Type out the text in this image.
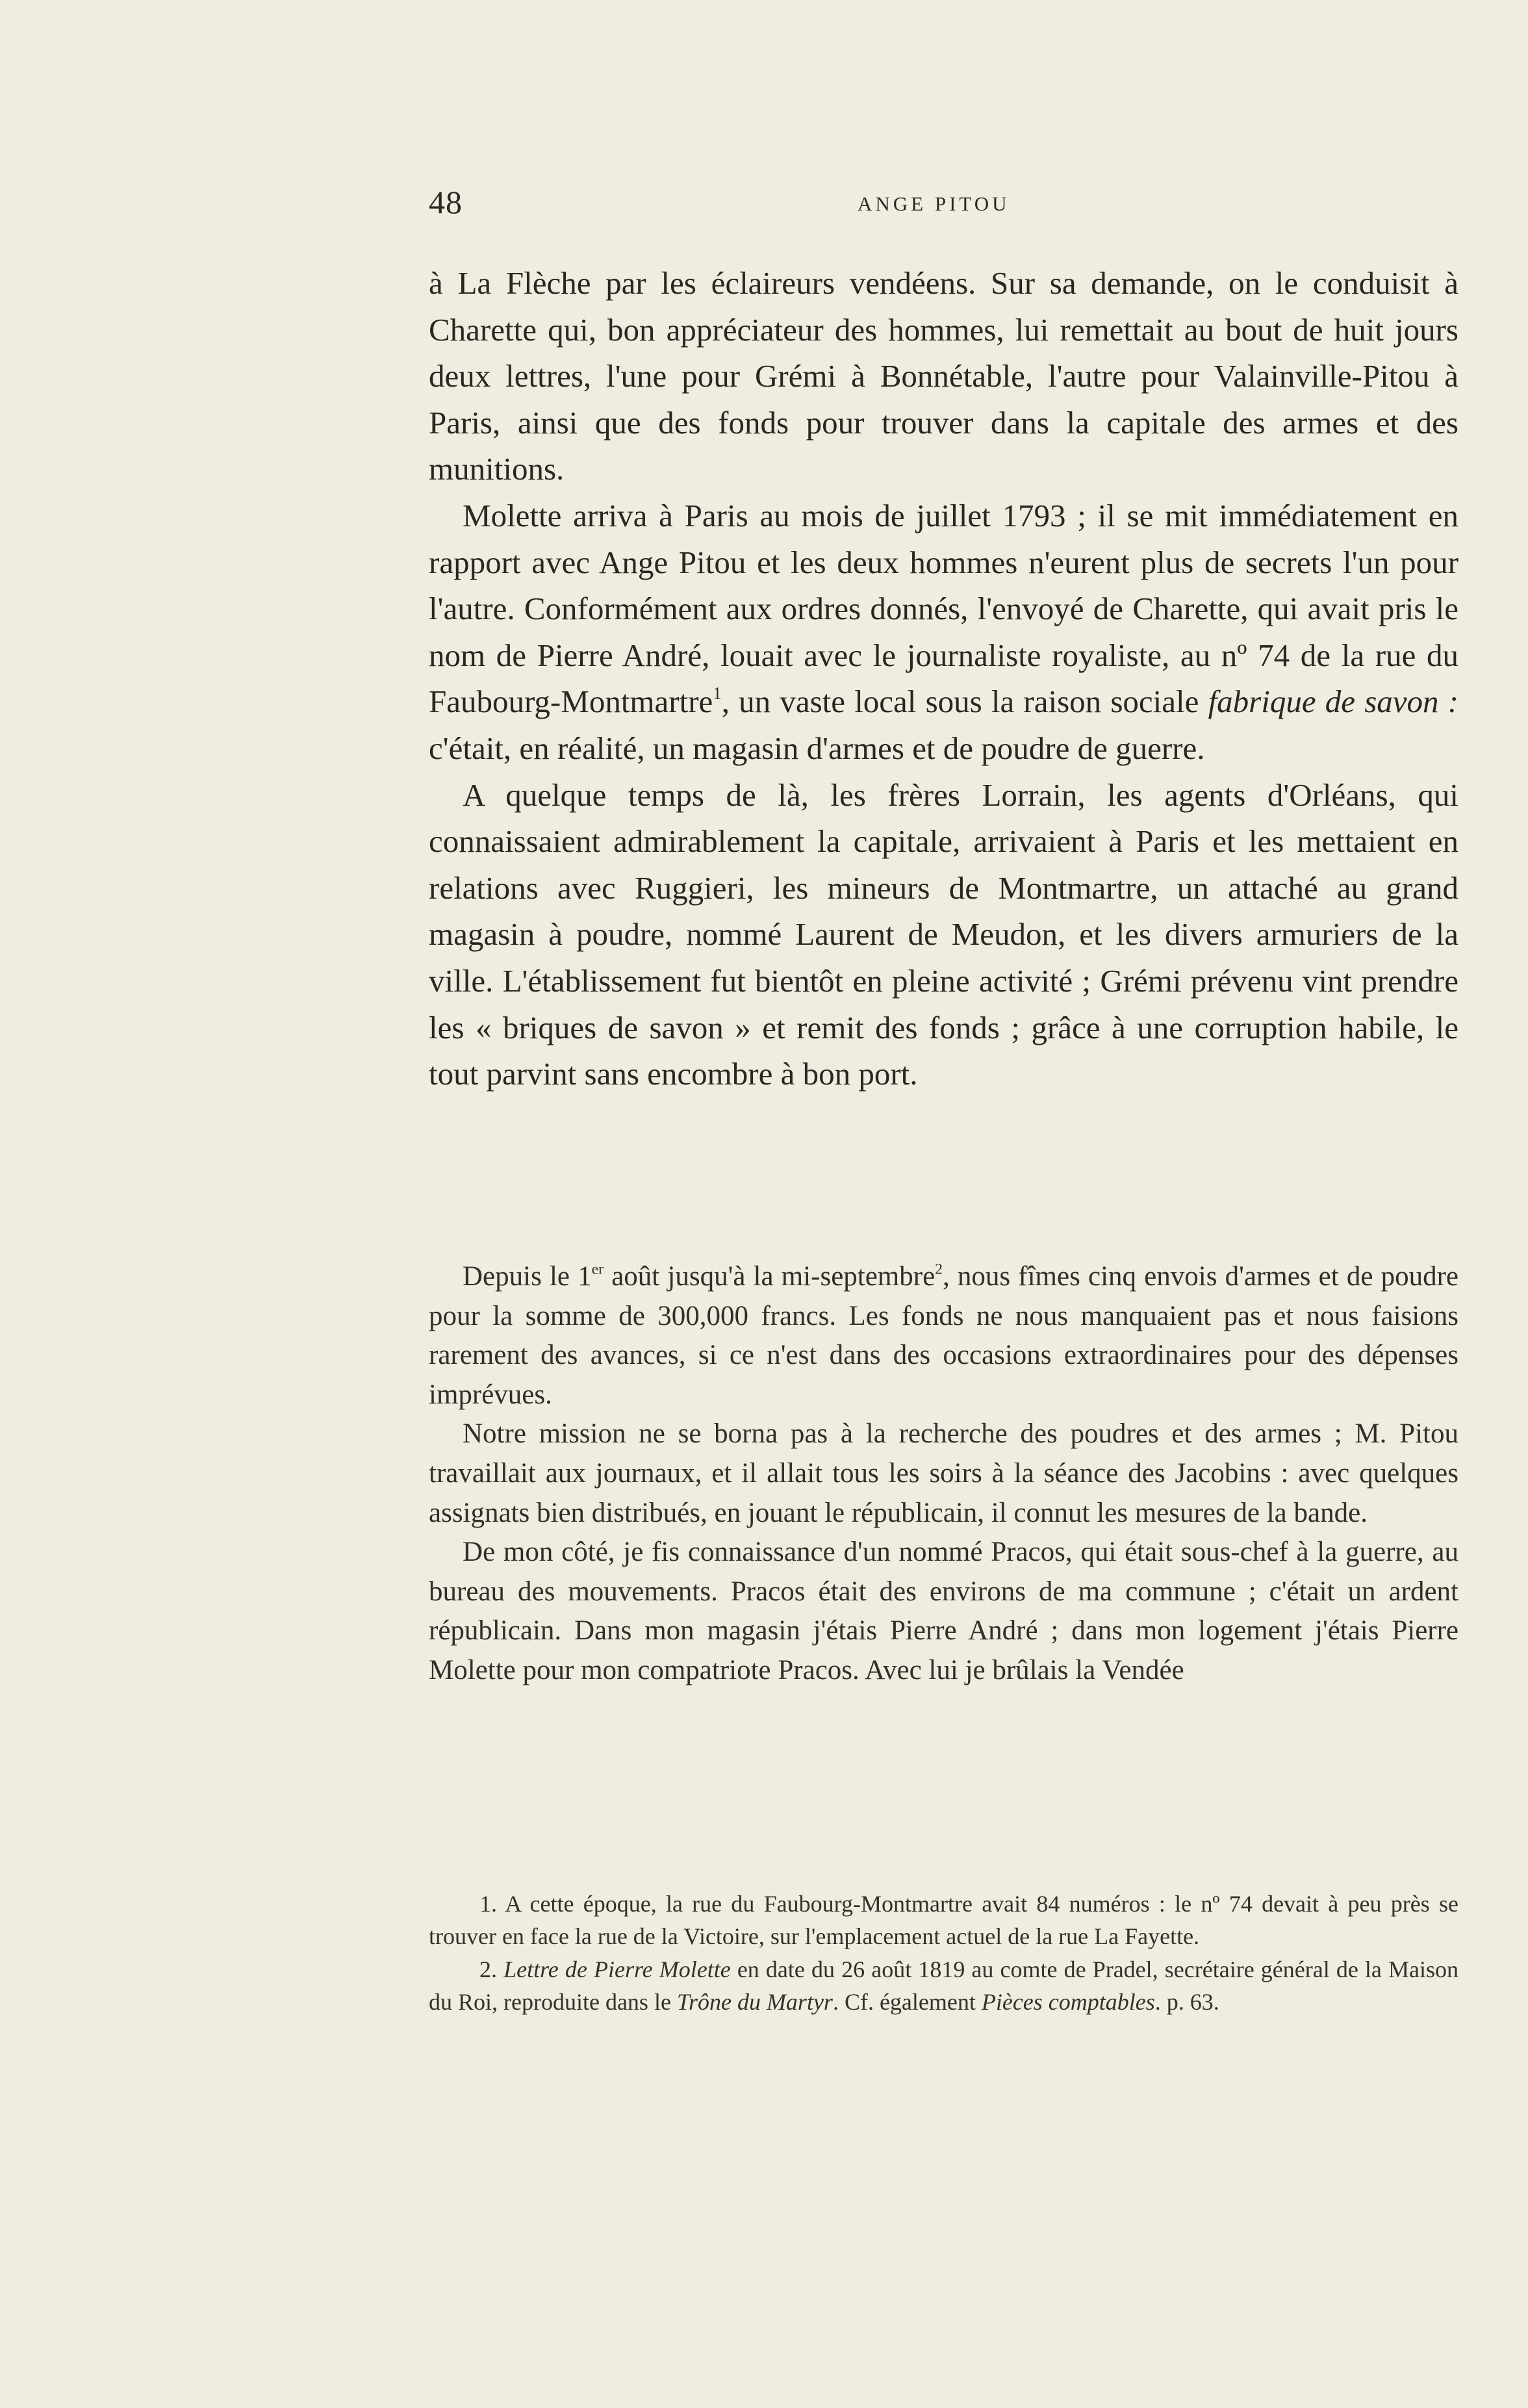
48	ANGE PITOU

à La Flèche par les éclaireurs vendéens. Sur sa demande, on le conduisit à Charette qui, bon appréciateur des hommes, lui remettait au bout de huit jours deux lettres, l'une pour Grémi à Bonnétable, l'autre pour Valainville-Pitou à Paris, ainsi que des fonds pour trouver dans la capitale des armes et des munitions.

Molette arriva à Paris au mois de juillet 1793 ; il se mit immédiatement en rapport avec Ange Pitou et les deux hommes n'eurent plus de secrets l'un pour l'autre. Conformément aux ordres donnés, l'envoyé de Charette, qui avait pris le nom de Pierre André, louait avec le journaliste royaliste, au nº 74 de la rue du Faubourg-Montmartre$^1$, un vaste local sous la raison sociale fabrique de savon : c'était, en réalité, un magasin d'armes et de poudre de guerre.

A quelque temps de là, les frères Lorrain, les agents d'Orléans, qui connaissaient admirablement la capitale, arrivaient à Paris et les mettaient en relations avec Ruggieri, les mineurs de Montmartre, un attaché au grand magasin à poudre, nommé Laurent de Meudon, et les divers armuriers de la ville. L'établissement fut bientôt en pleine activité ; Grémi prévenu vint prendre les « briques de savon » et remit des fonds ; grâce à une corruption habile, le tout parvint sans encombre à bon port.

Depuis le 1er août jusqu'à la mi-septembre$^2$, nous fîmes cinq envois d'armes et de poudre pour la somme de 300,000 francs. Les fonds ne nous manquaient pas et nous faisions rarement des avances, si ce n'est dans des occasions extraordinaires pour des dépenses imprévues.

Notre mission ne se borna pas à la recherche des poudres et des armes ; M. Pitou travaillait aux journaux, et il allait tous les soirs à la séance des Jacobins : avec quelques assignats bien distribués, en jouant le républicain, il connut les mesures de la bande.

De mon côté, je fis connaissance d'un nommé Pracos, qui était sous-chef à la guerre, au bureau des mouvements. Pracos était des environs de ma commune ; c'était un ardent républicain. Dans mon magasin j'étais Pierre André ; dans mon logement j'étais Pierre Molette pour mon compatriote Pracos. Avec lui je brûlais la Vendée

1. A cette époque, la rue du Faubourg-Montmartre avait 84 numéros : le nº 74 devait à peu près se trouver en face la rue de la Victoire, sur l'emplacement actuel de la rue La Fayette.

2. Lettre de Pierre Molette en date du 26 août 1819 au comte de Pradel, secrétaire général de la Maison du Roi, reproduite dans le Trône du Martyr. Cf. également Pièces comptables. p. 63.
